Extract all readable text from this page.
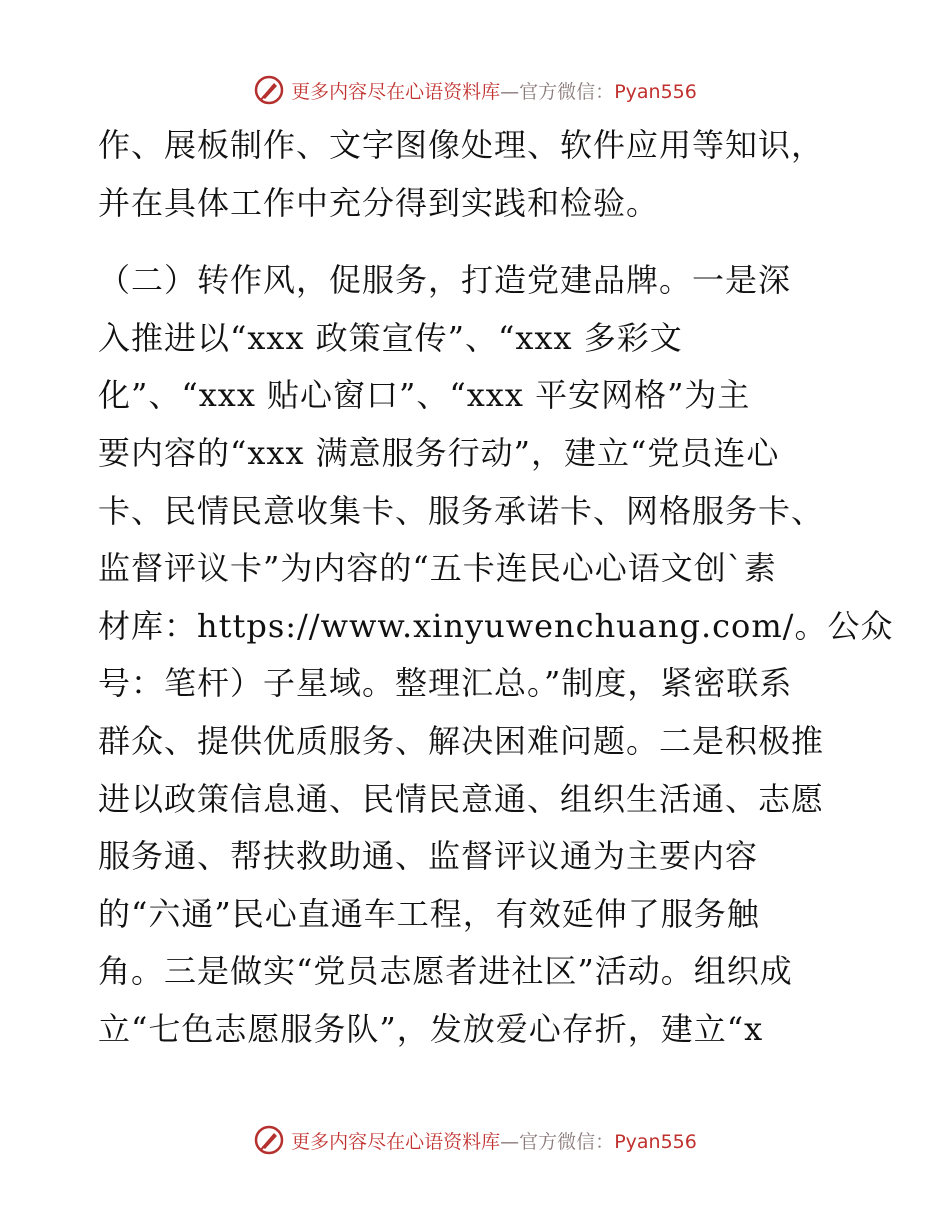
更多内容尽在心语资料库—官方微信：Pyan556
作、展板制作、文字图像处理、软件应用等知识，
并在具体工作中充分得到实践和检验。
（二）转作风，促服务，打造党建品牌。一是深
入推进以“xxx 政策宣传”、“xxx 多彩文
化”、“xxx 贴心窗口”、“xxx 平安网格”为主
要内容的“xxx 满意服务行动”，建立“党员连心
卡、民情民意收集卡、服务承诺卡、网格服务卡、
监督评议卡”为内容的“五卡连民心心语文创`素
材库：https://www.xinyuwenchuang.com/。公众
号：笔杆）子星域。整理汇总。”制度，紧密联系
群众、提供优质服务、解决困难问题。二是积极推
进以政策信息通、民情民意通、组织生活通、志愿
服务通、帮扶救助通、监督评议通为主要内容
的“六通”民心直通车工程，有效延伸了服务触
角。三是做实“党员志愿者进社区”活动。组织成
立“七色志愿服务队”，发放爱心存折，建立“x
更多内容尽在心语资料库—官方微信：Pyan556
